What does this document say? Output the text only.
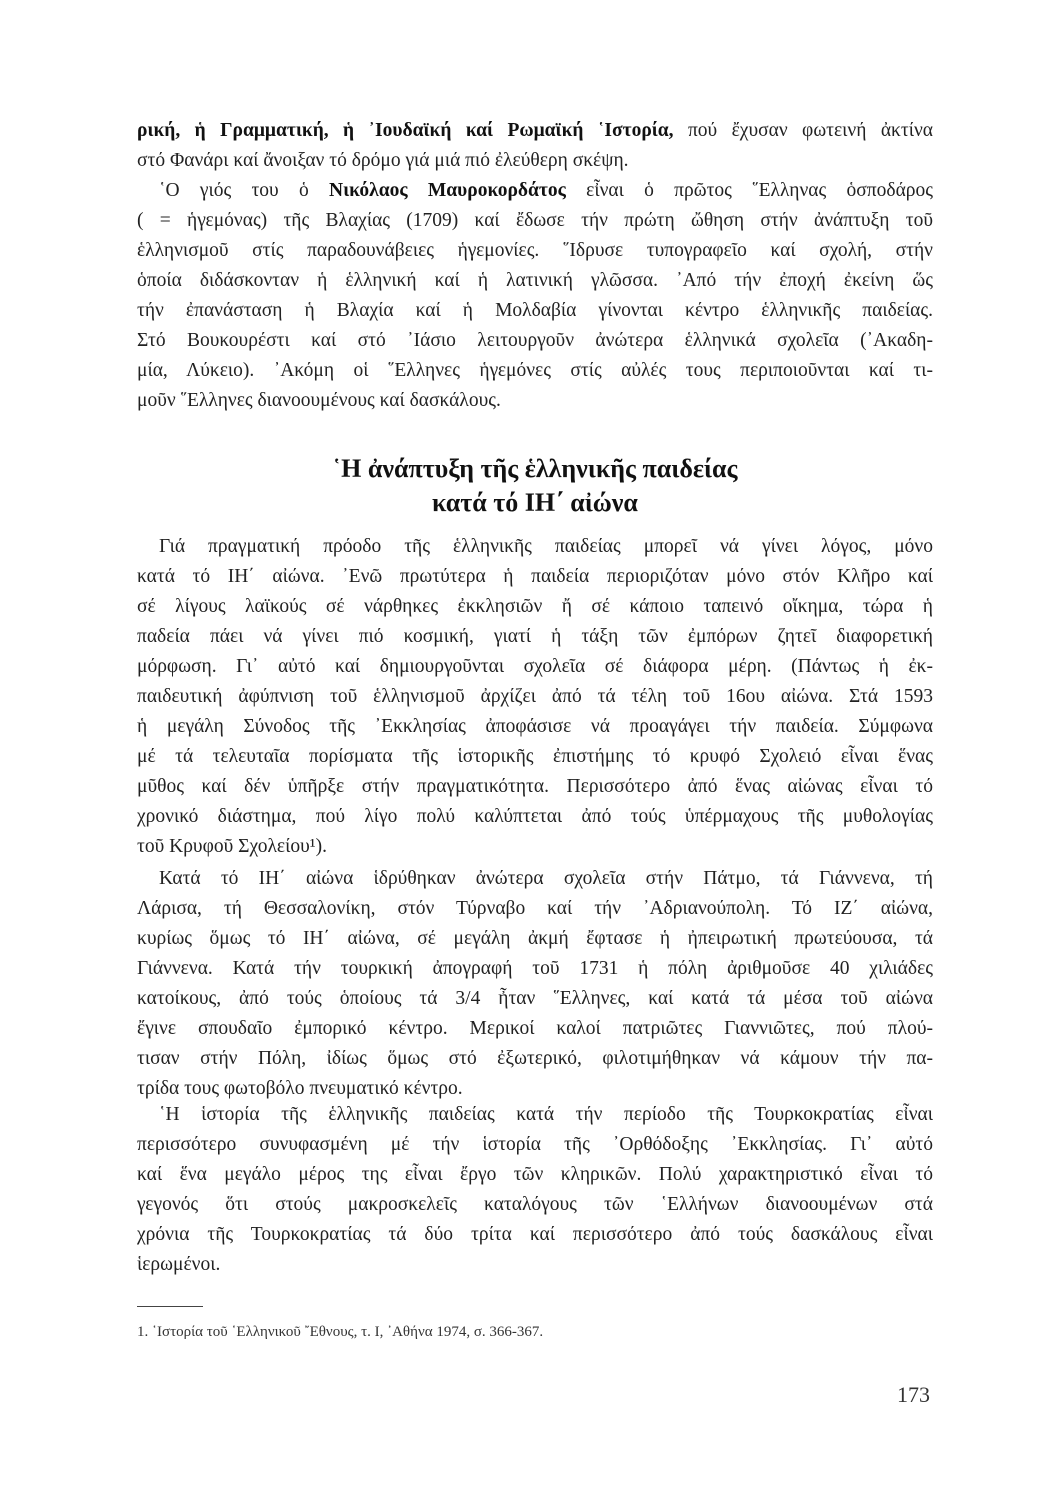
ρική, ἡ Γραμματική, ἡ ᾿Ιουδαϊκή καί Ρωμαϊκή ῾Ιστορία, πού ἔχυσαν φωτεινή ἀκτίνα
στό Φανάρι καί ἄνοιξαν τό δρόμο γιά μιά πιό ἐλεύθερη σκέψη.
῾Ο γιός του ὁ Νικόλαος Μαυροκορδάτος εἶναι ὁ πρῶτος ῞Ελληνας ὁσποδάρος
( = ἡγεμόνας) τῆς Βλαχίας (1709) καί ἔδωσε τήν πρώτη ὤθηση στήν ἀνάπτυξη τοῦ
ἑλληνισμοῦ στίς παραδουνάβειες ἡγεμονίες. ῞Ιδρυσε τυπογραφεῖο καί σχολή, στήν
ὁποία διδάσκονταν ἡ ἑλληνική καί ἡ λατινική γλῶσσα. ᾿Από τήν ἐποχή ἐκείνη ὥς
τήν ἐπανάσταση ἡ Βλαχία καί ἡ Μολδαβία γίνονται κέντρο ἑλληνικῆς παιδείας.
Στό Βουκουρέστι καί στό ᾿Ιάσιο λειτουργοῦν ἀνώτερα ἑλληνικά σχολεῖα (᾿Ακαδη-
μία, Λύκειο). ᾿Ακόμη οἱ ῞Ελληνες ἡγεμόνες στίς αὐλές τους περιποιοῦνται καί τι-
μοῦν ῞Ελληνες διανοουμένους καί δασκάλους.
῾Η ἀνάπτυξη τῆς ἑλληνικῆς παιδείας
κατά τό ΙΗ΄ αἰώνα
Γιά πραγματική πρόοδο τῆς ἑλληνικῆς παιδείας μπορεῖ νά γίνει λόγος, μόνο
κατά τό ΙΗ΄ αἰώνα. ᾿Ενῶ πρωτύτερα ἡ παιδεία περιοριζόταν μόνο στόν Κλῆρο καί
σέ λίγους λαϊκούς σέ νάρθηκες ἐκκλησιῶν ἤ σέ κάποιο ταπεινό οἴκημα, τώρα ἡ
παδεία πάει νά γίνει πιό κοσμική, γιατί ἡ τάξη τῶν ἐμπόρων ζητεῖ διαφορετική
μόρφωση. Γι᾿ αὐτό καί δημιουργοῦνται σχολεῖα σέ διάφορα μέρη. (Πάντως ἡ ἐκ-
παιδευτική ἀφύπνιση τοῦ ἑλληνισμοῦ ἀρχίζει ἀπό τά τέλη τοῦ 16ου αἰώνα. Στά 1593
ἡ μεγάλη Σύνοδος τῆς ᾿Εκκλησίας ἀποφάσισε νά προαγάγει τήν παιδεία. Σύμφωνα
μέ τά τελευταῖα πορίσματα τῆς ἱστορικῆς ἐπιστήμης τό κρυφό Σχολειό εἶναι ἕνας
μῦθος καί δέν ὑπῆρξε στήν πραγματικότητα. Περισσότερο ἀπό ἕνας αἰώνας εἶναι τό
χρονικό διάστημα, πού λίγο πολύ καλύπτεται ἀπό τούς ὑπέρμαχους τῆς μυθολογίας
τοῦ Κρυφοῦ Σχολείου¹).
Κατά τό ΙΗ΄ αἰώνα ἱδρύθηκαν ἀνώτερα σχολεῖα στήν Πάτμο, τά Γιάννενα, τή
Λάρισα, τή Θεσσαλονίκη, στόν Τύρναβο καί τήν ᾿Αδριανούπολη. Τό ΙΖ΄ αἰώνα,
κυρίως ὅμως τό ΙΗ΄ αἰώνα, σέ μεγάλη ἀκμή ἔφτασε ἡ ἠπειρωτική πρωτεύουσα, τά
Γιάννενα. Κατά τήν τουρκική ἀπογραφή τοῦ 1731 ἡ πόλη ἀριθμοῦσε 40 χιλιάδες
κατοίκους, ἀπό τούς ὁποίους τά 3/4 ἦταν ῞Ελληνες, καί κατά τά μέσα τοῦ αἰώνα
ἔγινε σπουδαῖο ἐμπορικό κέντρο. Μερικοί καλοί πατριῶτες Γιαννιῶτες, πού πλού-
τισαν στήν Πόλη, ἰδίως ὅμως στό ἐξωτερικό, φιλοτιμήθηκαν νά κάμουν τήν πα-
τρίδα τους φωτοβόλο πνευματικό κέντρο.
῾Η ἱστορία τῆς ἑλληνικῆς παιδείας κατά τήν περίοδο τῆς Τουρκοκρατίας εἶναι
περισσότερο συνυφασμένη μέ τήν ἱστορία τῆς ᾿Ορθόδοξης ᾿Εκκλησίας. Γι᾿ αὐτό
καί ἕνα μεγάλο μέρος της εἶναι ἔργο τῶν κληρικῶν. Πολύ χαρακτηριστικό εἶναι τό
γεγονός ὅτι στούς μακροσκελεῖς καταλόγους τῶν ῾Ελλήνων διανοουμένων στά
χρόνια τῆς Τουρκοκρατίας τά δύο τρίτα καί περισσότερο ἀπό τούς δασκάλους εἶναι
ἱερωμένοι.
1. ῾Ιστορία τοῦ ῾Ελληνικοῦ ῎Εθνους, τ. Ι, ᾿Αθήνα 1974, σ. 366-367.
173
